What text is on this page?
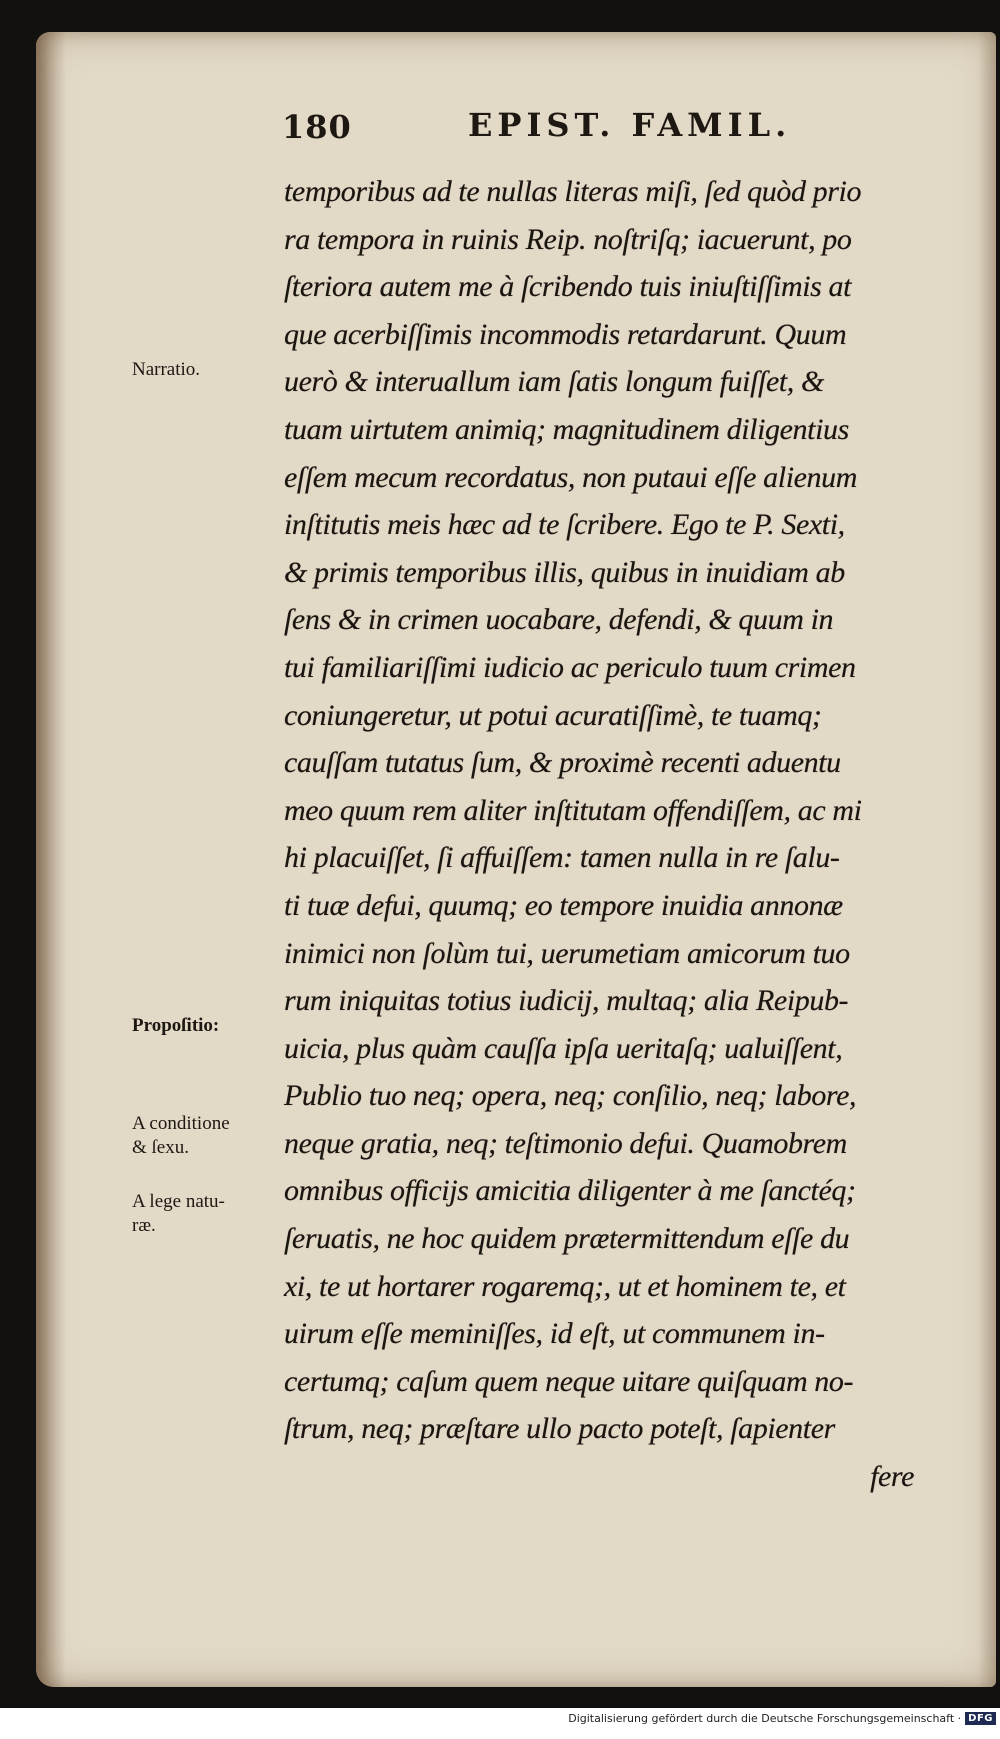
180	EPIST. FAMIL.
Narratio.
Propoſitio:
A conditione
& ſexu.
A lege natu-
ræ.
temporibus ad te nullas literas miſi, ſed quòd prio
ra tempora in ruinis Reip. noſtriſq; iacuerunt, po
ſteriora autem me à ſcribendo tuis iniuſtiſſimis at
que acerbiſſimis incommodis retardarunt. Quum
uerò & interuallum iam ſatis longum fuiſſet, &
tuam uirtutem animiq; magnitudinem diligentius
eſſem mecum recordatus, non putaui eſſe alienum
inſtitutis meis hæc ad te ſcribere. Ego te P. Sexti,
& primis temporibus illis, quibus in inuidiam ab
ſens & in crimen uocabare, defendi, & quum in
tui familiariſſimi iudicio ac periculo tuum crimen
coniungeretur, ut potui acuratiſſimè, te tuamq;
cauſſam tutatus ſum, & proximè recenti aduentu
meo quum rem aliter inſtitutam offendiſſem, ac mi
hi placuiſſet, ſi affuiſſem: tamen nulla in re ſalu-
ti tuæ defui, quumq; eo tempore inuidia annonæ
inimici non ſolùm tui, uerumetiam amicorum tuo
rum iniquitas totius iudicij, multaq; alia Reipub-
uicia, plus quàm cauſſa ipſa ueritaſq; ualuiſſent,
Publio tuo neq; opera, neq; conſilio, neq; labore,
neque gratia, neq; teſtimonio defui. Quamobrem
omnibus officijs amicitia diligenter à me ſanctéq;
ſeruatis, ne hoc quidem prætermittendum eſſe du
xi, te ut hortarer rogaremq;, ut et hominem te, et
uirum eſſe meminiſſes, id eſt, ut communem in-
certumq; caſum quem neque uitare quiſquam no-
ſtrum, neq; præſtare ullo pacto poteſt, ſapienter
fere
Digitalisierung gefördert durch die Deutsche Forschungsgemeinschaft · DFG
